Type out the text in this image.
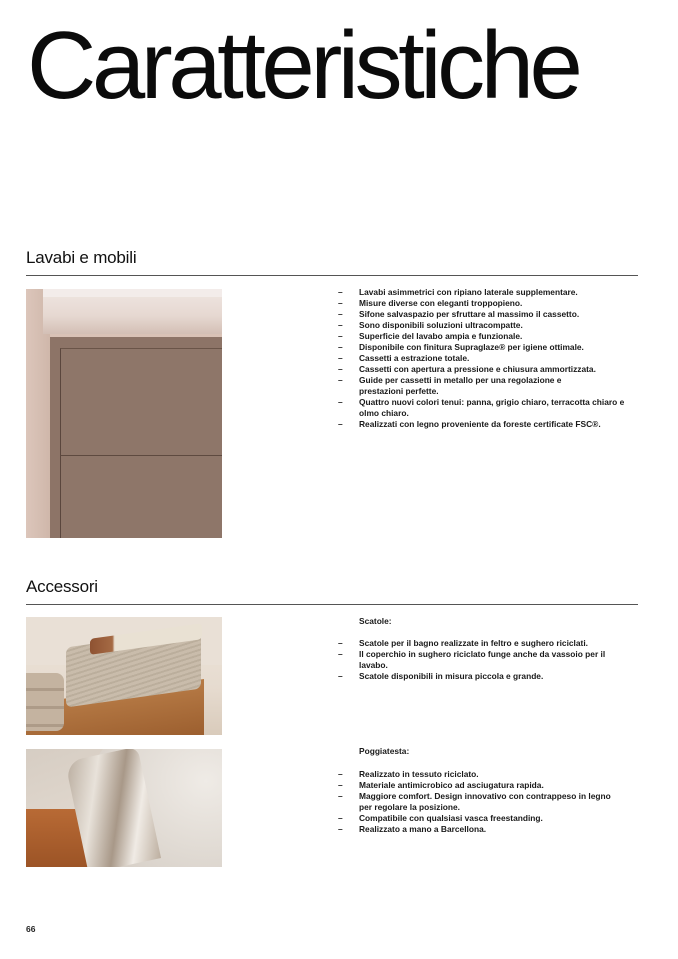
Caratteristiche
Lavabi e mobili
– Lavabi asimmetrici con ripiano laterale supplementare.
– Misure diverse con eleganti troppopieno.
– Sifone salvaspazio per sfruttare al massimo il cassetto.
– Sono disponibili soluzioni ultracompatte.
– Superficie del lavabo ampia e funzionale.
– Disponibile con finitura Supraglaze® per igiene ottimale.
– Cassetti a estrazione totale.
– Cassetti con apertura a pressione e chiusura ammortizzata.
– Guide per cassetti in metallo per una regolazione e prestazioni perfette.
– Quattro nuovi colori tenui: panna, grigio chiaro, terracotta chiaro e olmo chiaro.
– Realizzati con legno proveniente da foreste certificate FSC®.
Accessori

Scatole:

– Scatole per il bagno realizzate in feltro e sughero riciclati.
– Il coperchio in sughero riciclato funge anche da vassoio per il lavabo.
– Scatole disponibili in misura piccola e grande.

Poggiatesta:

– Realizzato in tessuto riciclato.
– Materiale antimicrobico ad asciugatura rapida.
– Maggiore comfort. Design innovativo con contrappeso in legno per regolare la posizione.
– Compatibile con qualsiasi vasca freestanding.
– Realizzato a mano a Barcellona.
66
